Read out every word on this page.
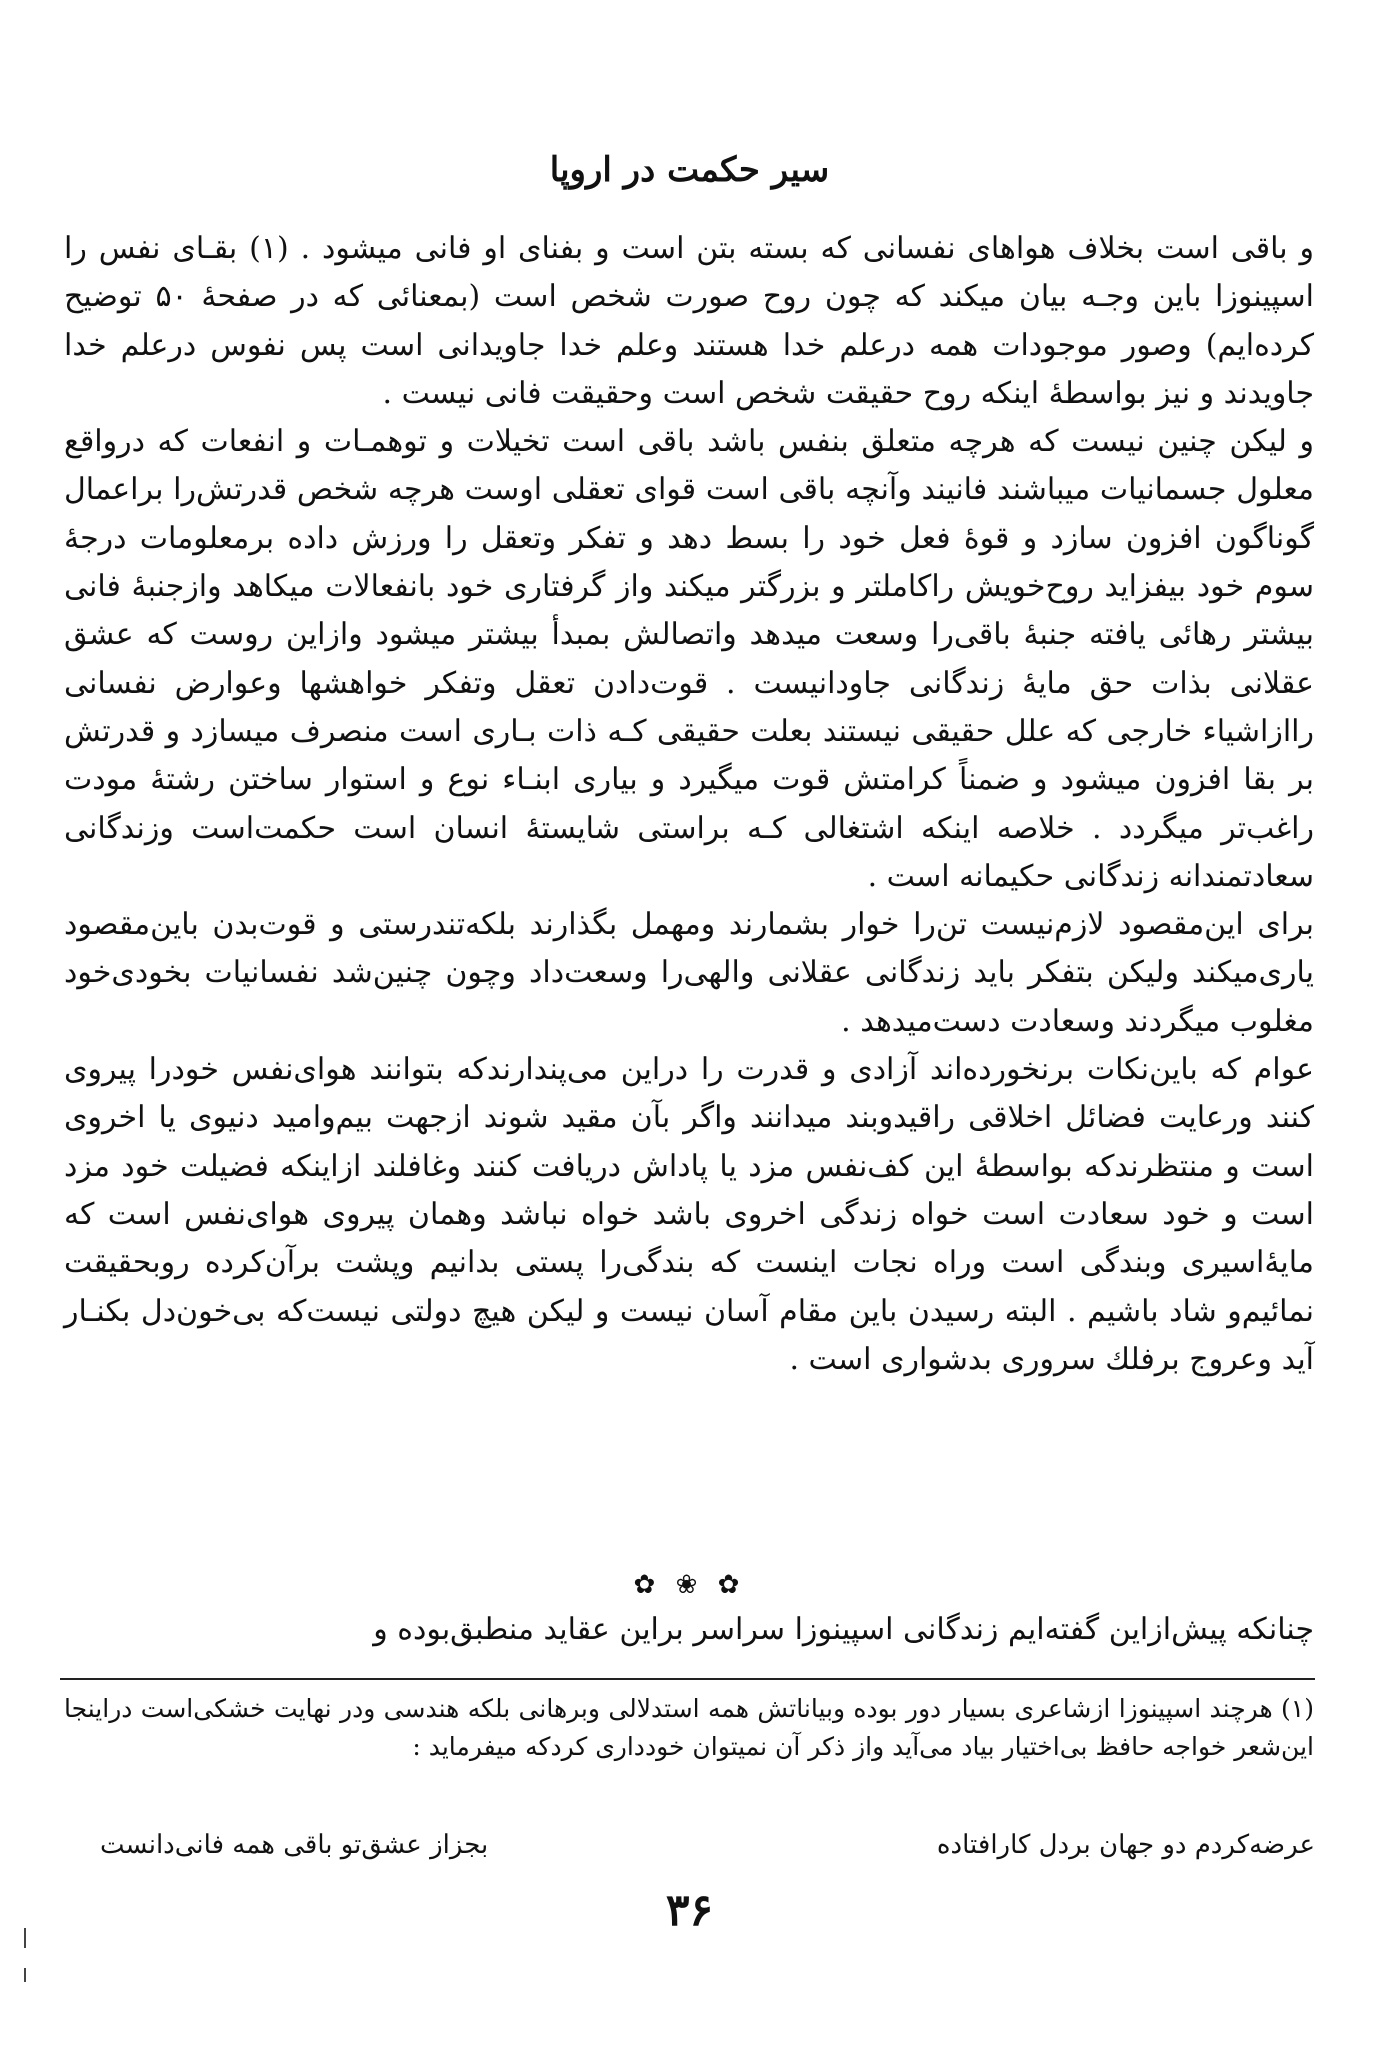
سیر حکمت در اروپا

و باقی است بخلاف هواهای نفسانی که بسته بتن است و بفنای او فانی میشود . (۱) بقـای نفس را اسپینوزا باین وجـه بیان میکند که چون روح صورت شخص است (بمعنائی که در صفحهٔ ۵۰ توضیح کرده‌ایم) وصور موجودات همه درعلم خدا هستند وعلم خدا جاویدانی است پس نفوس درعلم خدا جاویدند و نیز بواسطهٔ اینکه روح حقیقت شخص است وحقیقت فانی نیست .

و لیکن چنین نیست که هرچه متعلق بنفس باشد باقی است تخیلات و توهمـات و انفعات که درواقع معلول جسمانیات میباشند فانیند وآنچه باقی است قوای تعقلی اوست هرچه شخص قدرتش‌را براعمال گوناگون افزون سازد و قوهٔ فعل خود را بسط دهد و تفکر وتعقل را ورزش داده برمعلومات درجهٔ سوم خود بیفزاید روح‌خویش راکاملتر و بزرگتر میکند واز گرفتاری خود بانفعالات میکاهد وازجنبهٔ فانی بیشتر رهائی یافته جنبهٔ باقی‌را وسعت میدهد واتصالش بمبدأ بیشتر میشود وازاین روست که عشق عقلانی بذات حق مایهٔ زندگانی جاودانیست . قوت‌دادن تعقل وتفکر خواهشها وعوارض نفسانی راازاشیاء خارجی که علل حقیقی نیستند بعلت حقیقی کـه ذات بـاری است منصرف میسازد و قدرتش بر بقا افزون میشود و ضمناً کرامتش قوت میگیرد و بیاری ابنـاء نوع و استوار ساختن رشتهٔ مودت راغب‌تر میگردد . خلاصه اینکه اشتغالی کـه براستی شایستهٔ انسان است حکمت‌است وزندگانی سعادتمندانه زندگانی حکیمانه است .

برای این‌مقصود لازم‌نیست تن‌را خوار بشمارند ومهمل بگذارند بلکه‌تندرستی و قوت‌بدن باین‌مقصود یاری‌میکند ولیکن بتفکر باید زندگانی عقلانی والهی‌را وسعت‌داد وچون چنین‌شد نفسانیات بخودی‌خود مغلوب میگردند وسعادت دست‌میدهد .

عوام که باین‌نکات برنخورده‌اند آزادی و قدرت را دراین می‌پندارندکه بتوانند هوای‌نفس خودرا پیروی کنند ورعایت فضائل اخلاقی راقیدوبند میدانند واگر بآن مقید شوند ازجهت بیم‌وامید دنیوی یا اخروی است و منتظرندکه بواسطهٔ این کف‌نفس مزد یا پاداش دریافت کنند وغافلند ازاینکه فضیلت خود مزد است و خود سعادت است خواه زندگی اخروی باشد خواه نباشد وهمان پیروی هوای‌نفس است که مایهٔ‌اسیری وبندگی است وراه نجات اینست که بندگی‌را پستی بدانیم وپشت برآن‌کرده روبحقیقت نمائیم‌و شاد باشیم . البته رسیدن باین مقام آسان نیست و لیکن هیچ دولتی نیست‌که بی‌خون‌دل بکنـار آید وعروج برفلك سروری بدشواری است .

✿ ❀ ✿
چنانکه پیش‌ازاین گفته‌ایم زندگانی اسپینوزا سراسر براین عقاید منطبق‌بوده و

(۱) هرچند اسپینوزا ازشاعری بسیار دور بوده وبیاناتش همه استدلالی وبرهانی بلکه هندسی ودر نهایت خشکی‌است دراینجا این‌شعر خواجه حافظ بی‌اختیار بیاد می‌آید واز ذکر آن نمیتوان خودداری کردکه میفرماید :

عرضه‌کردم دو جهان بردل کارافتاده
بجزاز عشق‌تو باقی همه فانی‌دانست
۳۶
